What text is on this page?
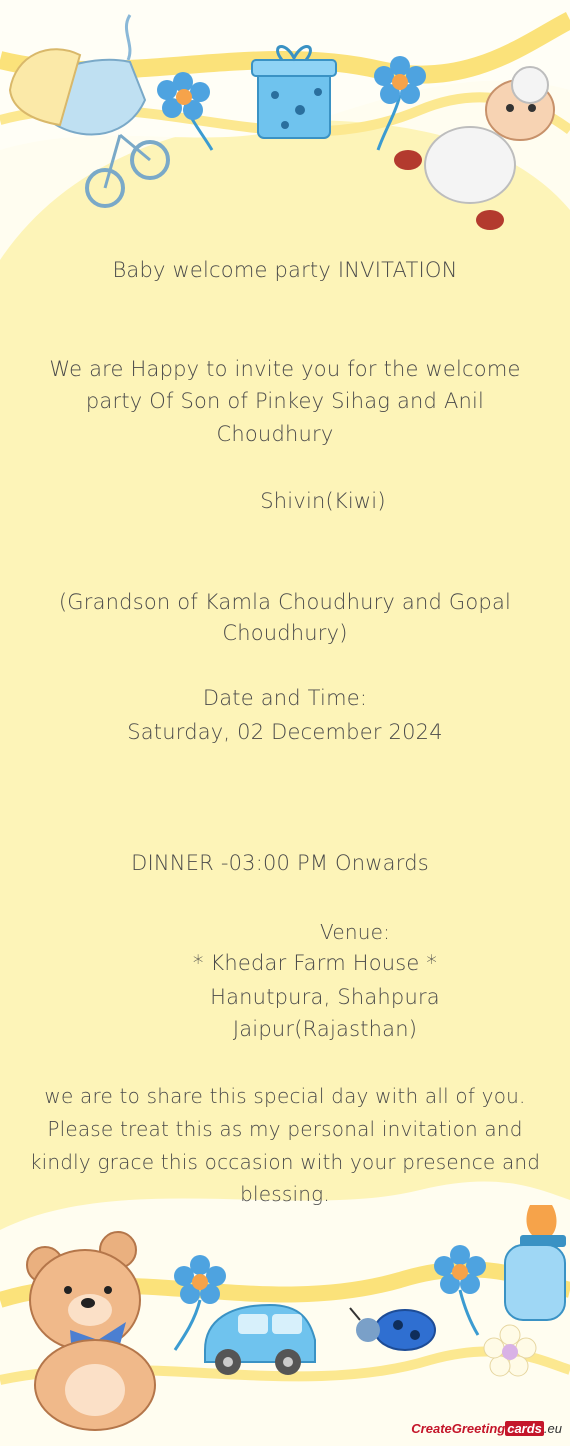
Baby welcome party INVITATION
We are Happy to invite you for the welcome
party Of Son of Pinkey Sihag and Anil
Choudhury
Shivin(Kiwi)
(Grandson of Kamla Choudhury and Gopal
Choudhury)
Date and Time:
Saturday, 02 December 2024
DINNER -03:00 PM Onwards
Venue:
* Khedar Farm House *
Hanutpura, Shahpura
Jaipur(Rajasthan)
we are to share this special day with all of you.
Please treat this as my personal invitation and
kindly grace this occasion with your presence and
blessing.
CreateGreeting cards .eu
